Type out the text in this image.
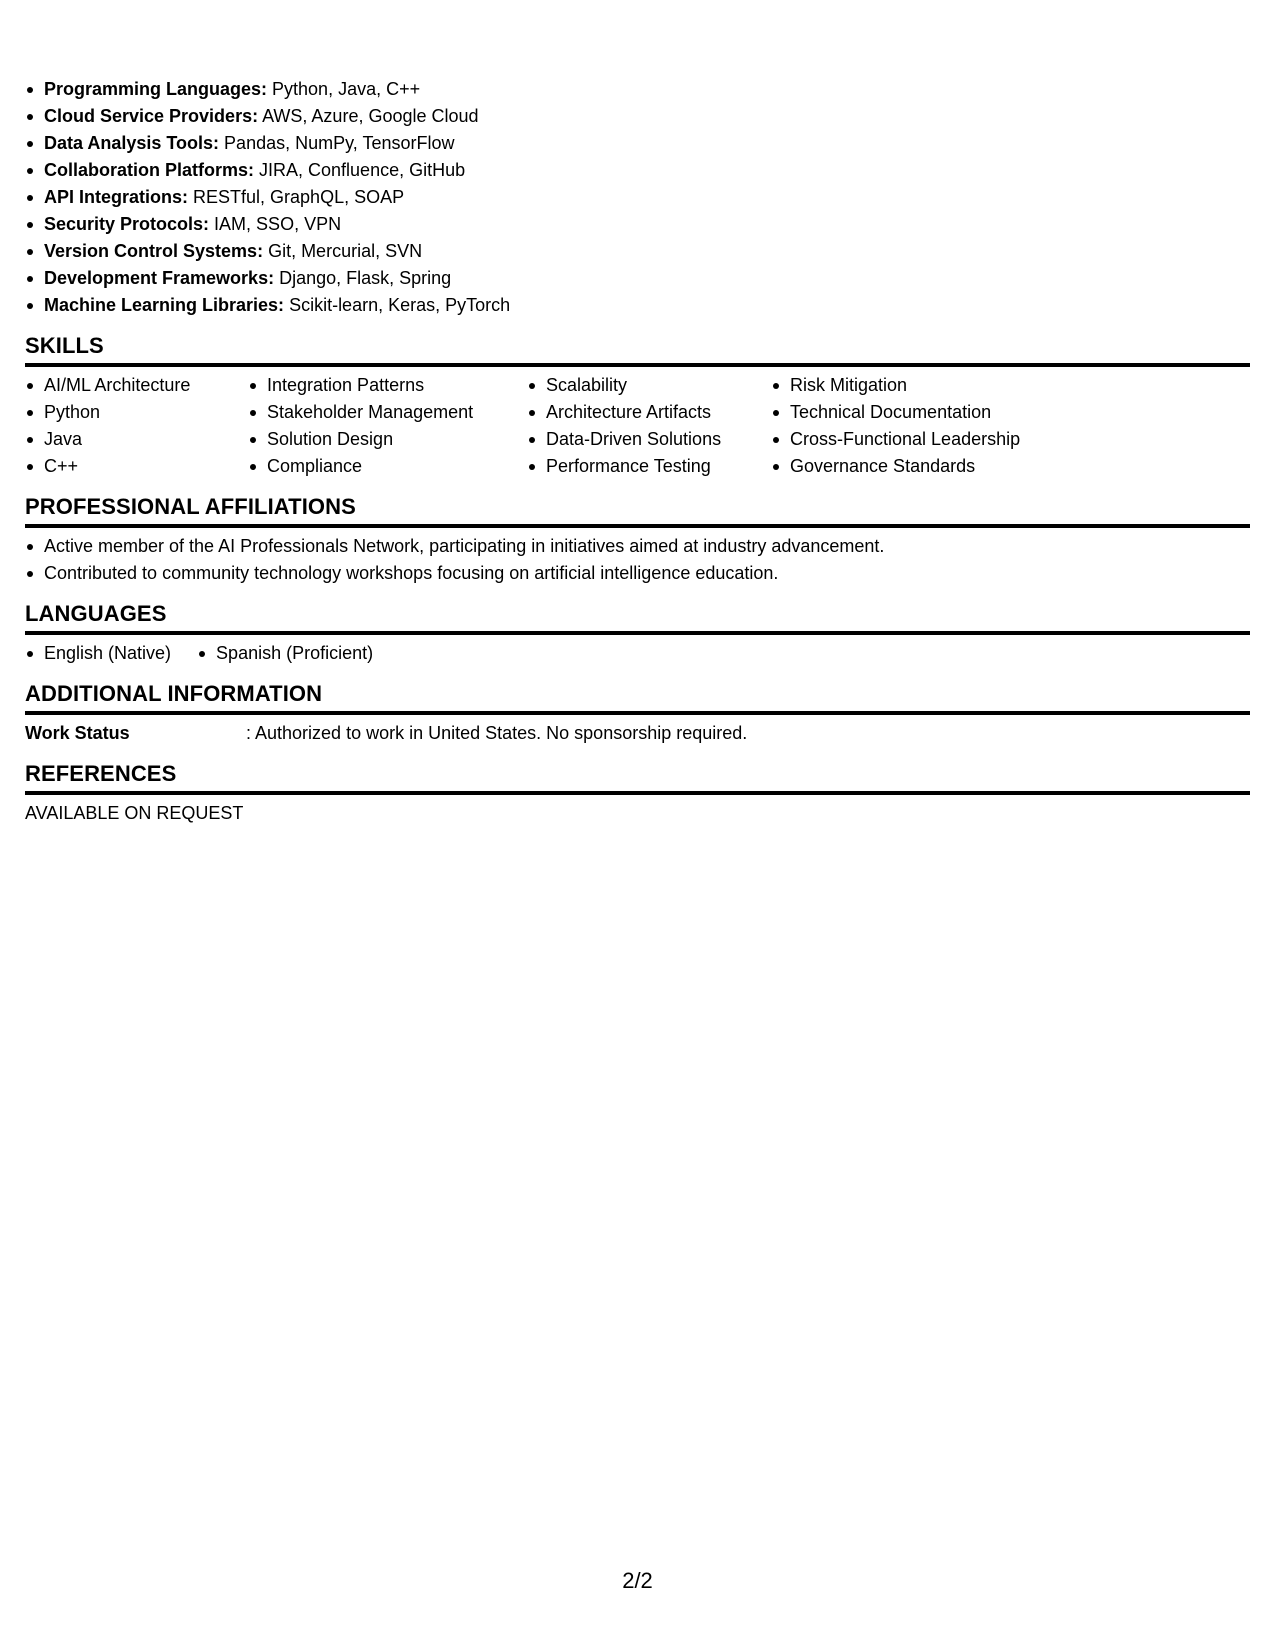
Programming Languages: Python, Java, C++
Cloud Service Providers: AWS, Azure, Google Cloud
Data Analysis Tools: Pandas, NumPy, TensorFlow
Collaboration Platforms: JIRA, Confluence, GitHub
API Integrations: RESTful, GraphQL, SOAP
Security Protocols: IAM, SSO, VPN
Version Control Systems: Git, Mercurial, SVN
Development Frameworks: Django, Flask, Spring
Machine Learning Libraries: Scikit-learn, Keras, PyTorch
SKILLS
AI/ML Architecture
Python
Java
C++
Integration Patterns
Stakeholder Management
Solution Design
Compliance
Scalability
Architecture Artifacts
Data-Driven Solutions
Performance Testing
Risk Mitigation
Technical Documentation
Cross-Functional Leadership
Governance Standards
PROFESSIONAL AFFILIATIONS
Active member of the AI Professionals Network, participating in initiatives aimed at industry advancement.
Contributed to community technology workshops focusing on artificial intelligence education.
LANGUAGES
English (Native)	Spanish (Proficient)
ADDITIONAL INFORMATION
Work Status	: Authorized to work in United States. No sponsorship required.
REFERENCES
AVAILABLE ON REQUEST
2/2
